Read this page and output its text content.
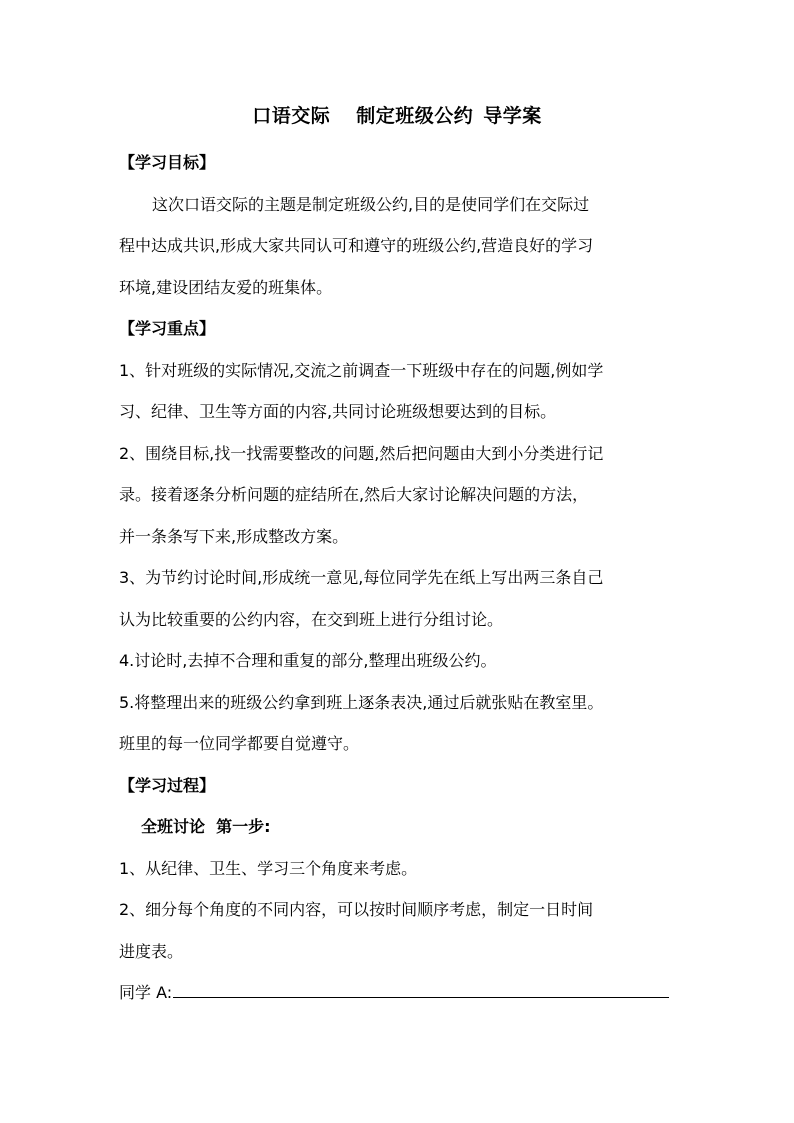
口语交际 制定班级公约 导学案

【学习目标】

这次口语交际的主题是制定班级公约,目的是使同学们在交际过

程中达成共识,形成大家共同认可和遵守的班级公约,营造良好的学习

环境,建设团结友爱的班集体。

【学习重点】

1、针对班级的实际情况,交流之前调查一下班级中存在的问题,例如学

习、纪律、卫生等方面的内容,共同讨论班级想要达到的目标。

2、围绕目标,找一找需要整改的问题,然后把问题由大到小分类进行记

录。接着逐条分析问题的症结所在,然后大家讨论解决问题的方法，

并一条条写下来,形成整改方案。

3、为节约讨论时间,形成统一意见,每位同学先在纸上写出两三条自己

认为比较重要的公约内容，在交到班上进行分组讨论。

4.讨论时,去掉不合理和重复的部分,整理出班级公约。

5.将整理出来的班级公约拿到班上逐条表决,通过后就张贴在教室里。

班里的每一位同学都要自觉遵守。

【学习过程】

全班讨论  第一步:

1、从纪律、卫生、学习三个角度来考虑。

2、细分每个角度的不同内容，可以按时间顺序考虑，制定一日时间

进度表。

同学 A:
